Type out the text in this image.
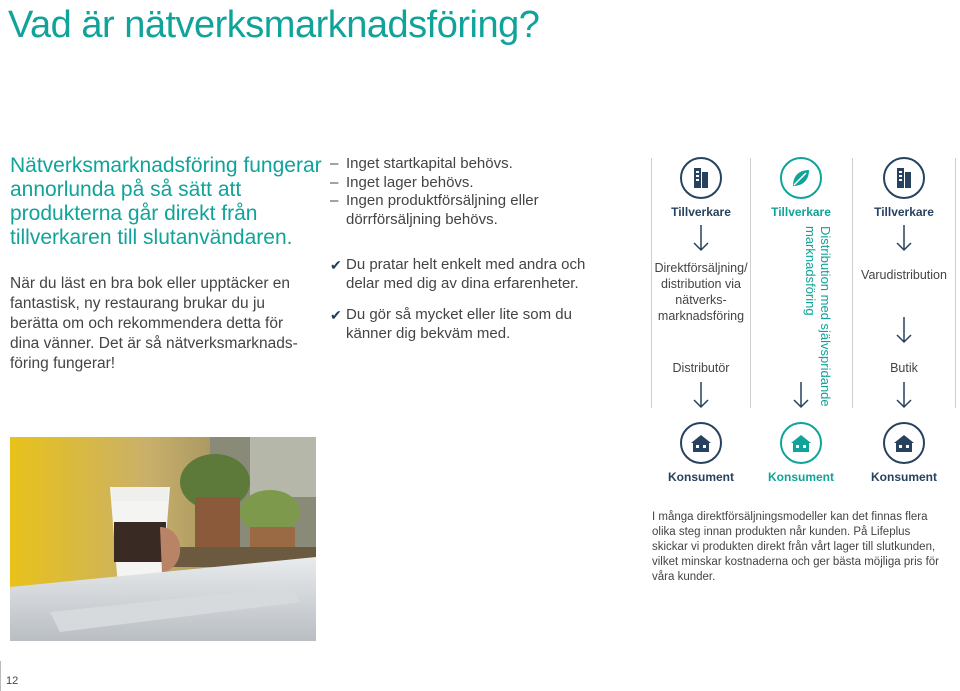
Vad är nätverksmarknadsföring?
Nätverksmarknadsföring fungerar
annorlunda på så sätt att
produkterna går direkt från
tillverkaren till slutanvändaren.
När du läst en bra bok eller upptäcker en
fantastisk, ny restaurang brukar du ju
berätta om och rekommendera detta för
dina vänner. Det är så nätverksmarknads-
föring fungerar!
– Inget startkapital behövs.
– Inget lager behövs.
– Ingen produktförsäljning eller
dörrförsäljning behövs.
✔ Du pratar helt enkelt med andra och
delar med dig av dina erfarenheter.
✔ Du gör så mycket eller lite som du
känner dig bekväm med.
Tillverkare
Direktförsäljning/
distribution via
nätverks-
marknadsföring
Distributör
Konsument
Tillverkare
Distribution med självspridande
marknadsföring
Konsument
Tillverkare
Varudistribution
Butik
Konsument
I många direktförsäljningsmodeller kan det finnas flera
olika steg innan produkten når kunden. På Lifeplus
skickar vi produkten direkt från vårt lager till slutkunden,
vilket minskar kostnaderna och ger bästa möjliga pris för
våra kunder.
12
